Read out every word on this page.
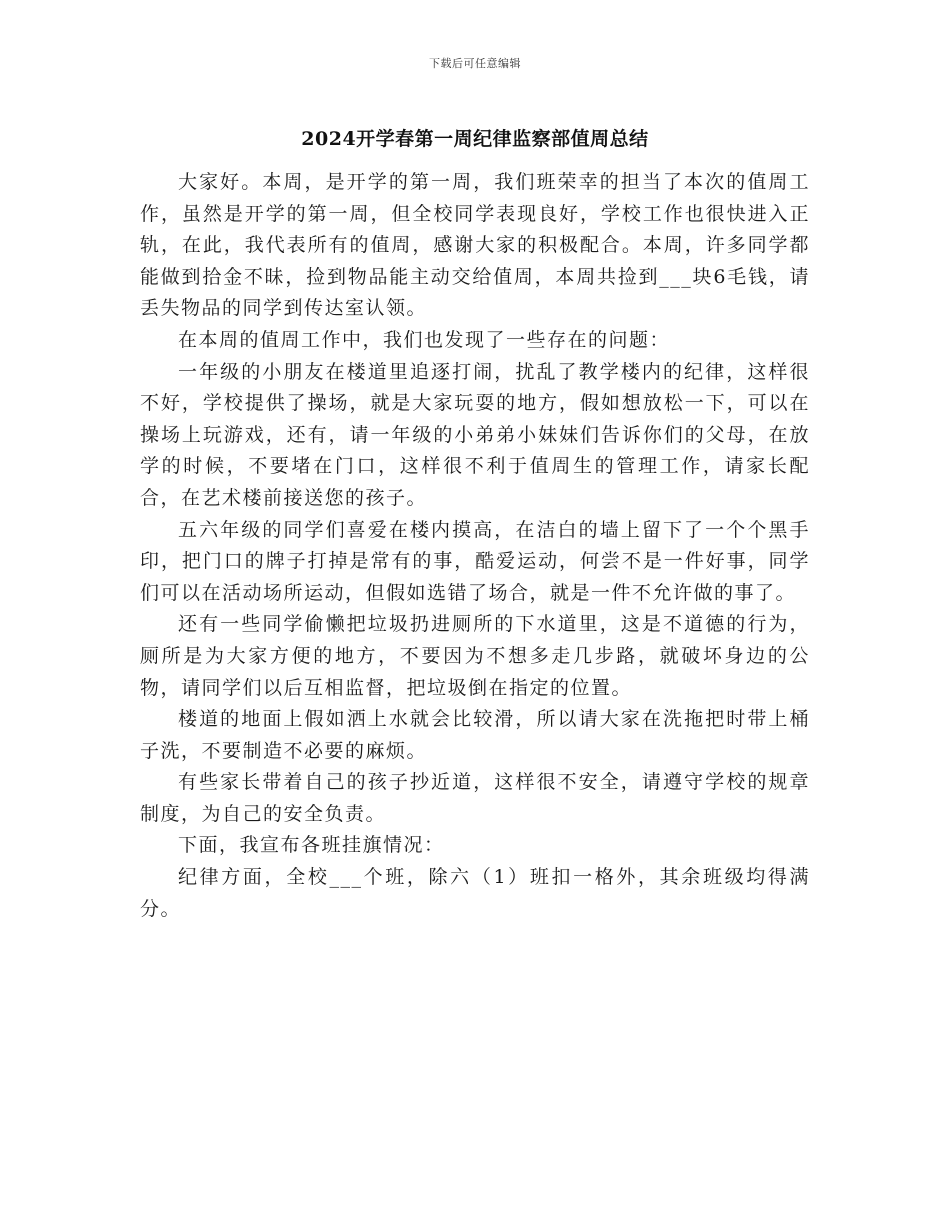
下载后可任意编辑
2024开学春第一周纪律监察部值周总结

大家好。本周，是开学的第一周，我们班荣幸的担当了本次的值周工作，虽然是开学的第一周，但全校同学表现良好，学校工作也很快进入正轨，在此，我代表所有的值周，感谢大家的积极配合。本周，许多同学都能做到拾金不昧，捡到物品能主动交给值周，本周共捡到___块6毛钱，请丢失物品的同学到传达室认领。

在本周的值周工作中，我们也发现了一些存在的问题：

一年级的小朋友在楼道里追逐打闹，扰乱了教学楼内的纪律，这样很不好，学校提供了操场，就是大家玩耍的地方，假如想放松一下，可以在操场上玩游戏，还有，请一年级的小弟弟小妹妹们告诉你们的父母，在放学的时候，不要堵在门口，这样很不利于值周生的管理工作，请家长配合，在艺术楼前接送您的孩子。

五六年级的同学们喜爱在楼内摸高，在洁白的墙上留下了一个个黑手印，把门口的牌子打掉是常有的事，酷爱运动，何尝不是一件好事，同学们可以在活动场所运动，但假如选错了场合，就是一件不允许做的事了。

还有一些同学偷懒把垃圾扔进厕所的下水道里，这是不道德的行为，厕所是为大家方便的地方，不要因为不想多走几步路，就破坏身边的公物，请同学们以后互相监督，把垃圾倒在指定的位置。

楼道的地面上假如洒上水就会比较滑，所以请大家在洗拖把时带上桶子洗，不要制造不必要的麻烦。

有些家长带着自己的孩子抄近道，这样很不安全，请遵守学校的规章制度，为自己的安全负责。

下面，我宣布各班挂旗情况：

纪律方面，全校___个班，除六（1）班扣一格外，其余班级均得满分。
